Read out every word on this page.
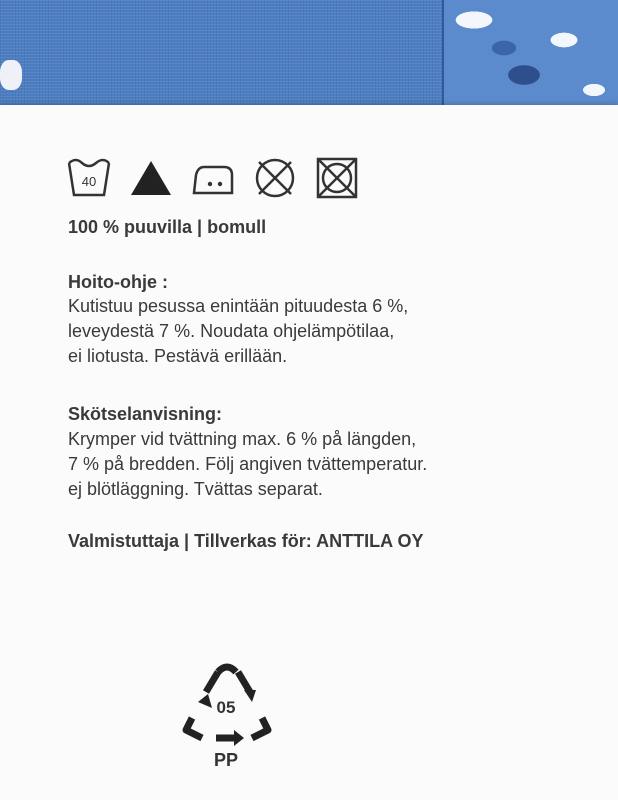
40
100 % puuvilla | bomull
Hoito-ohje :
Kutistuu pesussa enintään pituudesta 6 %,
leveydestä 7 %. Noudata ohjelämpötilaa,
ei liotusta. Pestävä erillään.
Skötselanvisning:
Krymper vid tvättning max. 6 % på längden,
7 % på bredden. Följ angiven tvättemperatur.
ej blötläggning. Tvättas separat.
Valmistuttaja | Tillverkas för: ANTTILA OY
05
PP
